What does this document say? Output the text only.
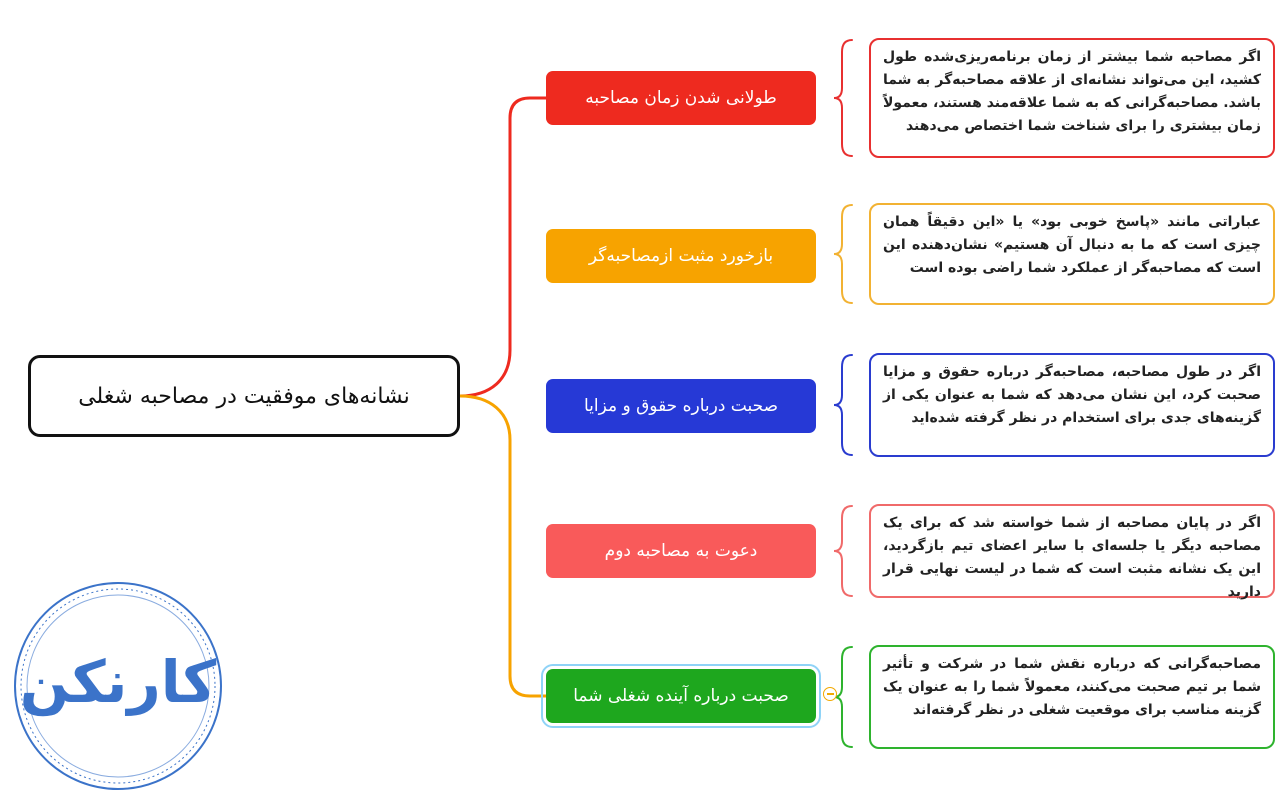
نشانه‌های موفقیت در مصاحبه شغلی
طولانی شدن زمان مصاحبه
بازخورد مثبت ازمصاحبه‌گر
صحبت درباره حقوق و مزایا
دعوت به مصاحبه دوم
صحبت درباره آینده شغلی شما
اگر مصاحبه شما بیشتر از زمان برنامه‌ریزی‌شده طول کشید، این می‌تواند نشانه‌ای از علاقه مصاحبه‌گر به شما باشد. مصاحبه‌گرانی که به شما علاقه‌مند هستند، معمولاً زمان بیشتری را برای شناخت شما اختصاص می‌دهند
عباراتی مانند «پاسخ خوبی بود» یا «این دقیقاً همان چیزی است که ما به دنبال آن هستیم» نشان‌دهنده این است که مصاحبه‌گر از عملکرد شما راضی بوده است
اگر در طول مصاحبه، مصاحبه‌گر درباره حقوق و مزایا صحبت کرد، این نشان می‌دهد که شما به عنوان یکی از گزینه‌های جدی برای استخدام در نظر گرفته شده‌اید
اگر در پایان مصاحبه از شما خواسته شد که برای یک مصاحبه دیگر یا جلسه‌ای با سایر اعضای تیم بازگردید، این یک نشانه مثبت است که شما در لیست نهایی قرار دارید
مصاحبه‌گرانی که درباره نقش شما در شرکت و تأثیر شما بر تیم صحبت می‌کنند، معمولاً شما را به عنوان یک گزینه مناسب برای موقعیت شغلی در نظر گرفته‌اند
کارنکن
